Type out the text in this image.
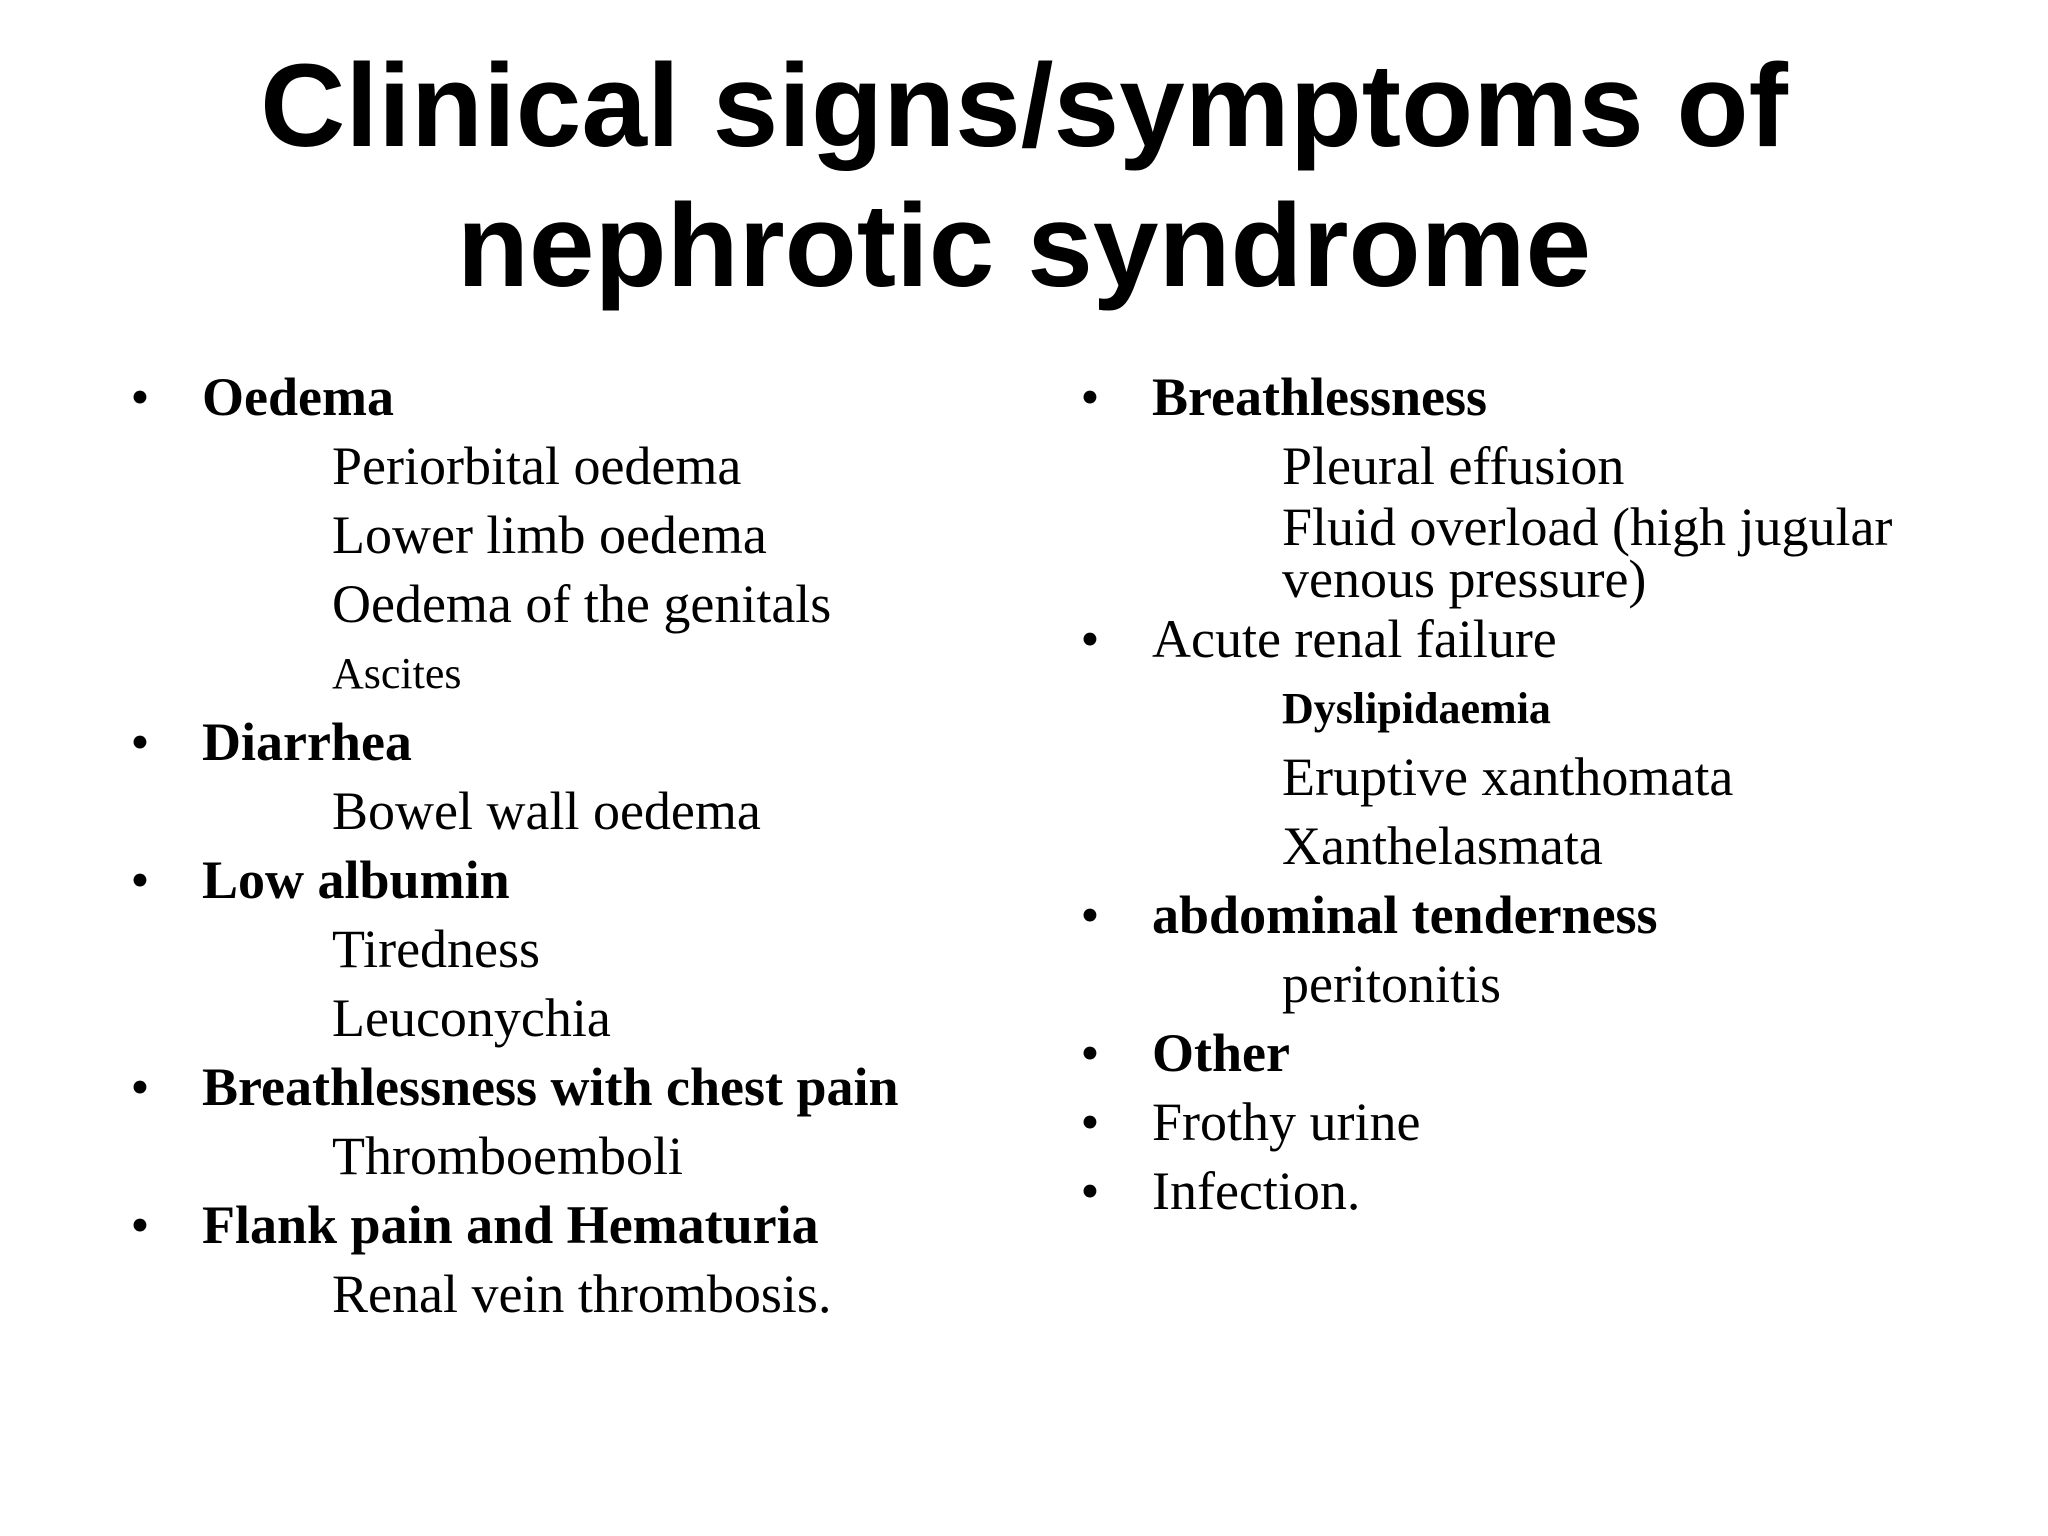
Clinical signs/symptoms of
nephrotic syndrome
• Oedema
Periorbital oedema
Lower limb oedema
Oedema of the genitals
Ascites
• Diarrhea
Bowel wall oedema
• Low albumin
Tiredness
Leuconychia
• Breathlessness with chest pain
Thromboemboli
• Flank pain and Hematuria
Renal vein thrombosis.
• Breathlessness
Pleural effusion
Fluid overload (high jugular venous pressure)
• Acute renal failure
Dyslipidaemia
Eruptive xanthomata
Xanthelasmata
• abdominal tenderness
peritonitis
• Other
• Frothy urine
• Infection.
